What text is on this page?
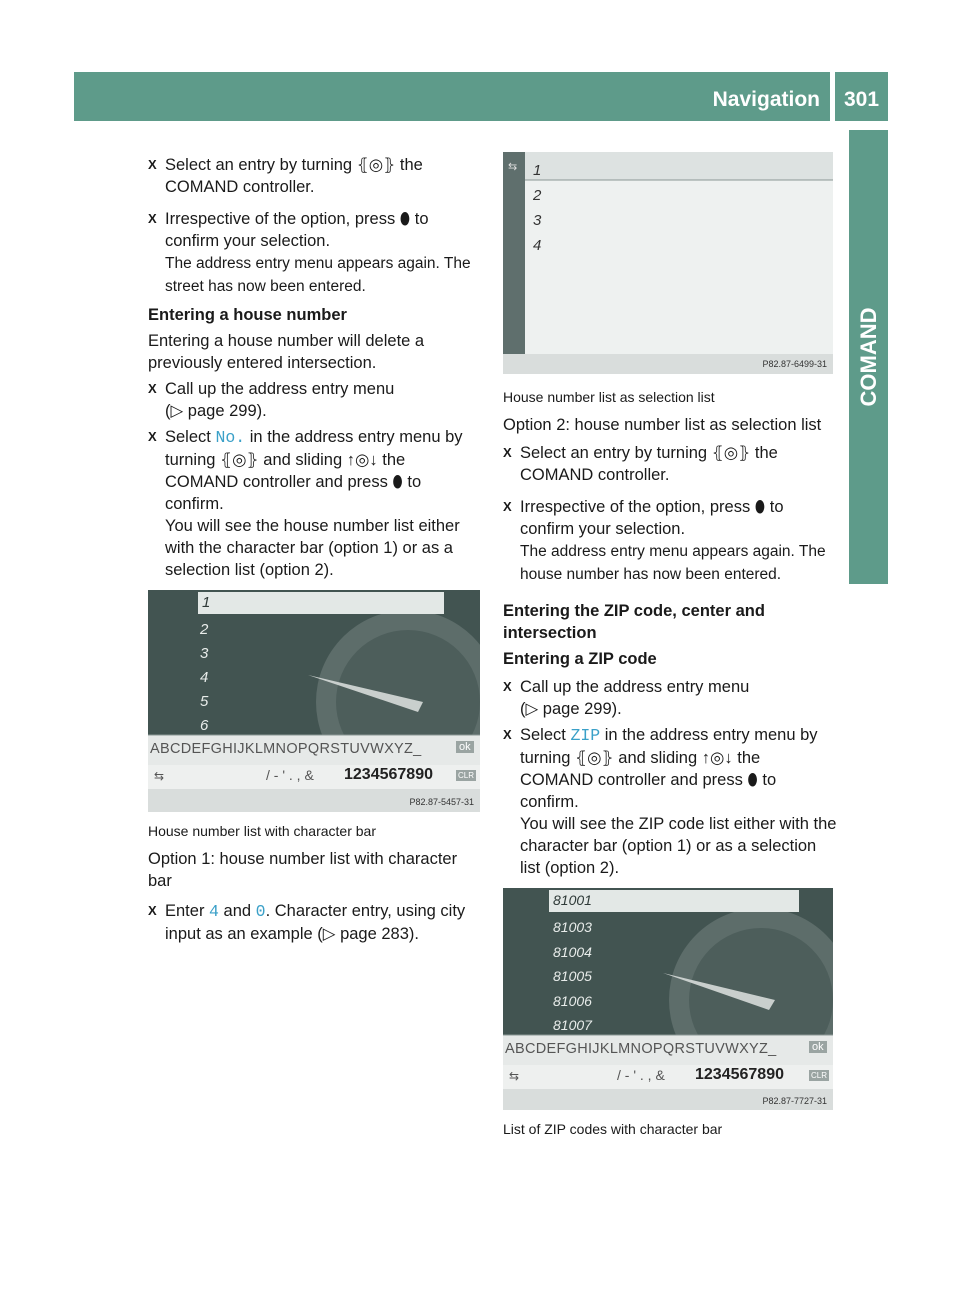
Navigation	301
COMAND

X Select an entry by turning ⦃◎⦄ the COMAND controller.

X Irrespective of the option, press ⬮ to confirm your selection.
The address entry menu appears again. The street has now been entered.

Entering a house number

Entering a house number will delete a previously entered intersection.

X Call up the address entry menu
(▷ page 299).

X Select No. in the address entry menu by turning ⦃◎⦄ and sliding ↑◎↓ the COMAND controller and press ⬮ to confirm.
You will see the house number list either with the character bar (option 1) or as a selection list (option 2).

1
2
3
4
5
6
ABCDEFGHIJKLMNOPQRSTUVWXYZ_	ok
⇆	/ - ' . , & 1234567890	CLR
P82.87-5457-31

House number list with character bar

Option 1: house number list with character bar

X Enter 4 and 0. Character entry, using city input as an example (▷ page 283).

⇆ 1
2
3
4
P82.87-6499-31

House number list as selection list

Option 2: house number list as selection list

X Select an entry by turning ⦃◎⦄ the COMAND controller.

X Irrespective of the option, press ⬮ to confirm your selection.
The address entry menu appears again. The house number has now been entered.

Entering the ZIP code, center and intersection

Entering a ZIP code

X Call up the address entry menu
(▷ page 299).

X Select ZIP in the address entry menu by turning ⦃◎⦄ and sliding ↑◎↓ the COMAND controller and press ⬮ to confirm.
You will see the ZIP code list either with the character bar (option 1) or as a selection list (option 2).

81001
81003
81004
81005
81006
81007
ABCDEFGHIJKLMNOPQRSTUVWXYZ_	ok
⇆	/ - ' . , & 1234567890	CLR
P82.87-7727-31

List of ZIP codes with character bar
